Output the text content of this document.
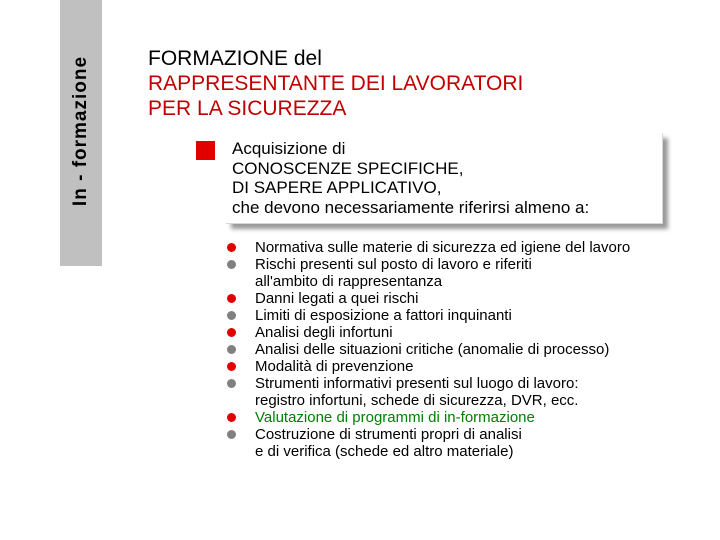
In - formazione	FORMAZIONE del
RAPPRESENTANTE DEI LAVORATORI
PER LA SICUREZZA
Acquisizione di
CONOSCENZE SPECIFICHE,
DI SAPERE APPLICATIVO,
che devono necessariamente riferirsi almeno a:
Normativa sulle materie di sicurezza ed igiene del lavoro
Rischi presenti sul posto di lavoro e riferiti
all'ambito di rappresentanza
Danni legati a quei rischi
Limiti di esposizione a fattori inquinanti
Analisi degli infortuni
Analisi delle situazioni critiche (anomalie di processo)
Modalità di prevenzione
Strumenti informativi presenti sul luogo di lavoro:
registro infortuni, schede di sicurezza, DVR, ecc.
Valutazione di programmi di in-formazione
Costruzione di strumenti propri di analisi
e di verifica (schede ed altro materiale)
